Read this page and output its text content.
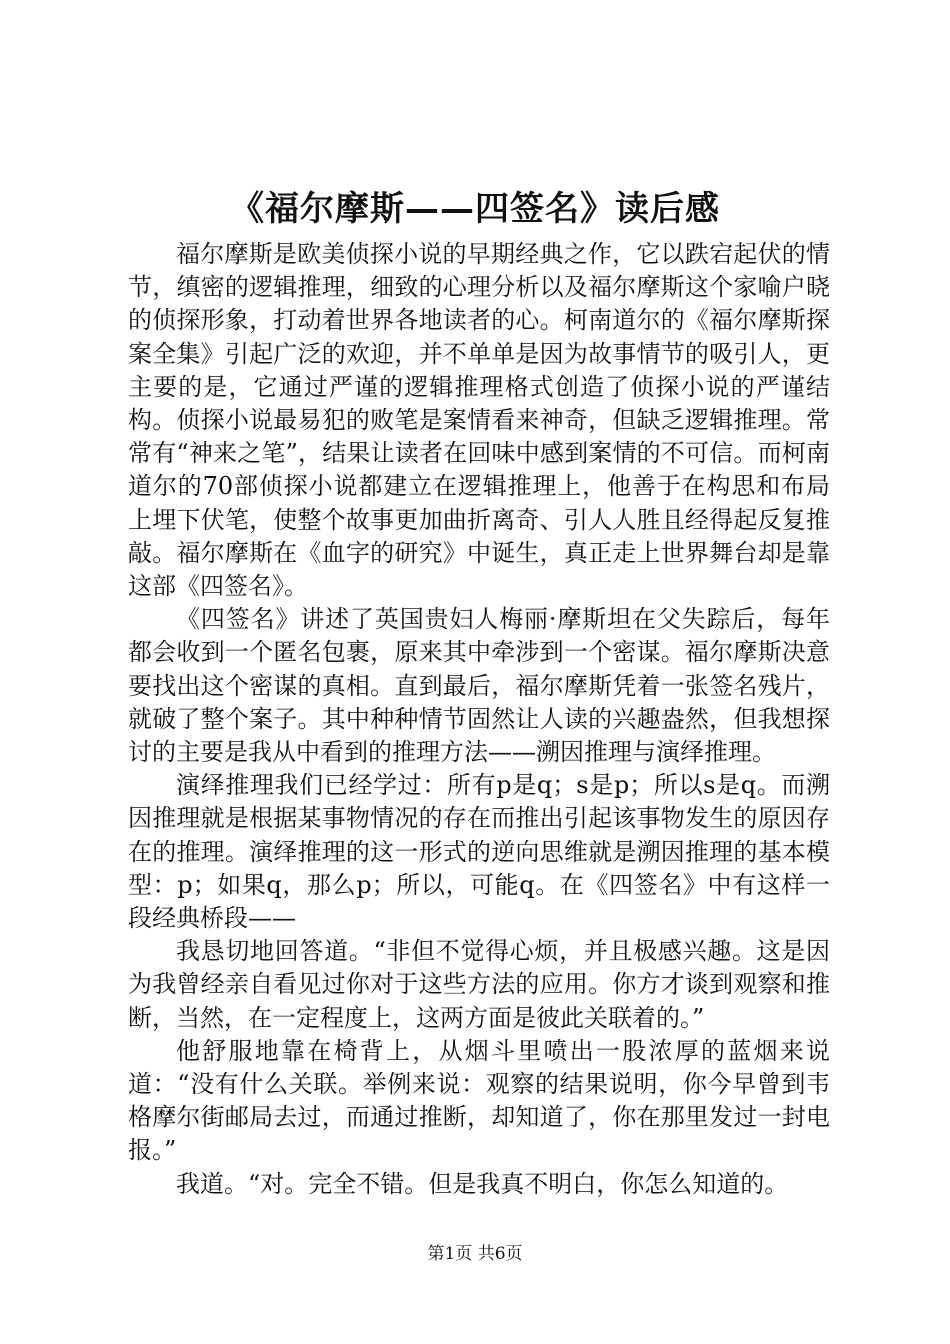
《福尔摩斯——四签名》读后感

福尔摩斯是欧美侦探小说的早期经典之作，它以跌宕起伏的情节，缜密的逻辑推理，细致的心理分析以及福尔摩斯这个家喻户晓的侦探形象，打动着世界各地读者的心。柯南道尔的《福尔摩斯探案全集》引起广泛的欢迎，并不单单是因为故事情节的吸引人，更主要的是，它通过严谨的逻辑推理格式创造了侦探小说的严谨结构。侦探小说最易犯的败笔是案情看来神奇，但缺乏逻辑推理。常常有“神来之笔”，结果让读者在回味中感到案情的不可信。而柯南道尔的70部侦探小说都建立在逻辑推理上，他善于在构思和布局上埋下伏笔，使整个故事更加曲折离奇、引人人胜且经得起反复推敲。福尔摩斯在《血字的研究》中诞生，真正走上世界舞台却是靠这部《四签名》。

《四签名》讲述了英国贵妇人梅丽·摩斯坦在父失踪后，每年都会收到一个匿名包裹，原来其中牵涉到一个密谋。福尔摩斯决意要找出这个密谋的真相。直到最后，福尔摩斯凭着一张签名残片，就破了整个案子。其中种种情节固然让人读的兴趣盎然，但我想探讨的主要是我从中看到的推理方法——溯因推理与演绎推理。

演绎推理我们已经学过：所有p是q；s是p；所以s是q。而溯因推理就是根据某事物情况的存在而推出引起该事物发生的原因存在的推理。演绎推理的这一形式的逆向思维就是溯因推理的基本模型：p；如果q，那么p；所以，可能q。在《四签名》中有这样一段经典桥段——

我恳切地回答道。“非但不觉得心烦，并且极感兴趣。这是因为我曾经亲自看见过你对于这些方法的应用。你方才谈到观察和推断，当然，在一定程度上，这两方面是彼此关联着的。”

他舒服地靠在椅背上，从烟斗里喷出一股浓厚的蓝烟来说道：“没有什么关联。举例来说：观察的结果说明，你今早曾到韦格摩尔街邮局去过，而通过推断，却知道了，你在那里发过一封电报。”

我道。“对。完全不错。但是我真不明白，你怎么知道的。

第1页 共6页
